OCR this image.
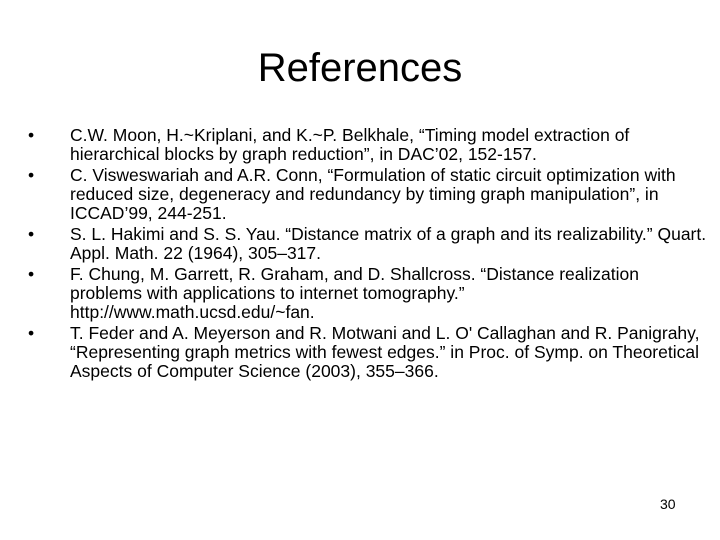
References
•	C.W. Moon, H.~Kriplani, and K.~P. Belkhale, “Timing model extraction of hierarchical blocks by graph reduction”, in DAC’02, 152-157.
•	C. Visweswariah and A.R. Conn, “Formulation of static circuit optimization with reduced size, degeneracy and redundancy by timing graph manipulation”, in ICCAD’99, 244-251.
•	S. L. Hakimi and S. S. Yau. “Distance matrix of a graph and its realizability.” Quart. Appl. Math. 22 (1964), 305–317.
•	F. Chung, M. Garrett, R. Graham, and D. Shallcross. “Distance realization problems with applications to internet tomography.” http://www.math.ucsd.edu/~fan.
•	T. Feder and A. Meyerson and R. Motwani and L. O' Callaghan and R. Panigrahy, “Representing graph metrics with fewest edges.” in Proc. of Symp. on Theoretical Aspects of Computer Science (2003), 355–366.
30
